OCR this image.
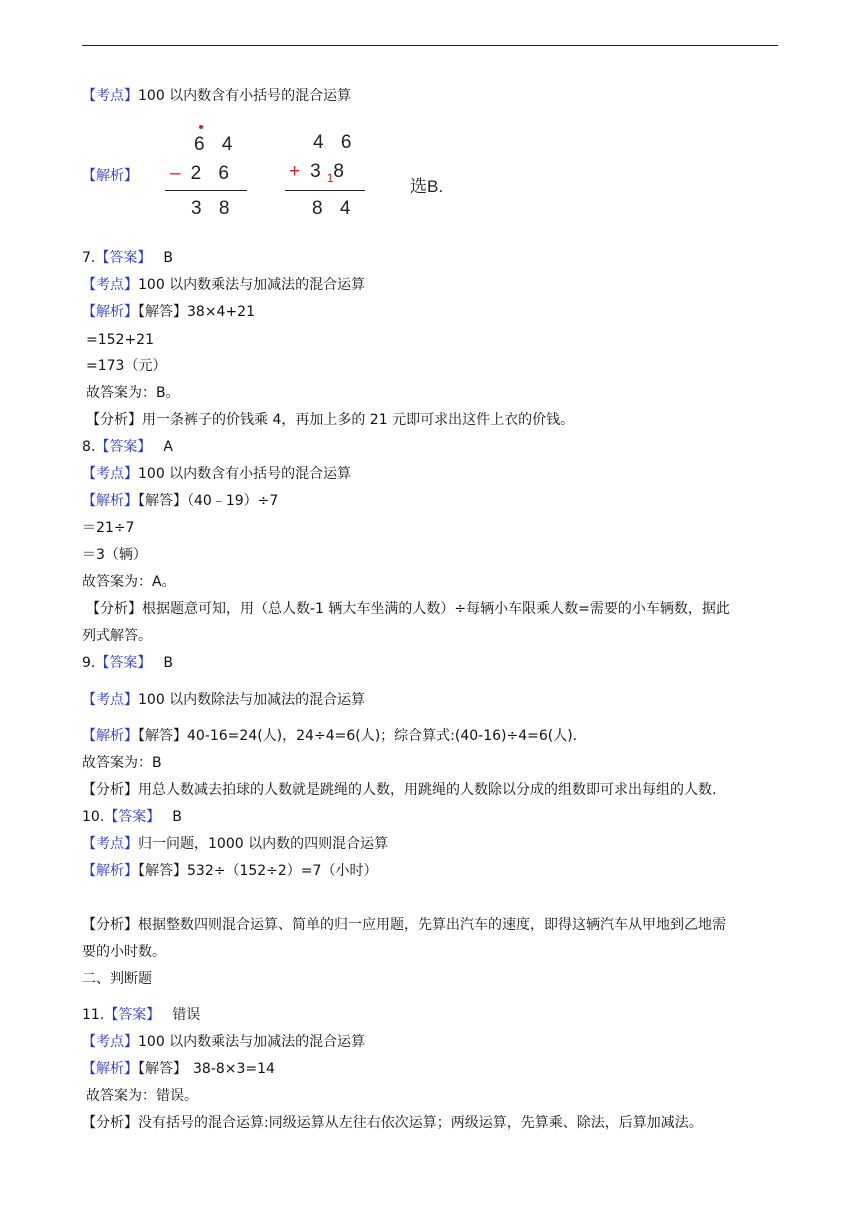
【考点】100 以内数含有小括号的混合运算
【解析】
6 4
– 2 6
3 8
4 6
+ $3_18$
8 4
选B.
7.【答案】 B
【考点】100 以内数乘法与加减法的混合运算
【解析】【解答】38×4+21
=152+21
=173（元）
故答案为：B。
【分析】用一条裤子的价钱乘 4，再加上多的 21 元即可求出这件上衣的价钱。
8.【答案】 A
【考点】100 以内数含有小括号的混合运算
【解析】【解答】（40﹣19）÷7
＝21÷7
＝3（辆）
故答案为：A。
【分析】根据题意可知，用（总人数-1 辆大车坐满的人数）÷每辆小车限乘人数=需要的小车辆数，据此
列式解答。
9.【答案】 B
【考点】100 以内数除法与加减法的混合运算
【解析】【解答】40-16=24(人)，24÷4=6(人)；综合算式:(40-16)÷4=6(人).
故答案为：B
【分析】用总人数减去拍球的人数就是跳绳的人数，用跳绳的人数除以分成的组数即可求出每组的人数.
10.【答案】 B
【考点】归一问题，1000 以内数的四则混合运算
【解析】【解答】532÷（152÷2）=7（小时）
【分析】根据整数四则混合运算、简单的归一应用题，先算出汽车的速度，即得这辆汽车从甲地到乙地需
要的小时数。
二、判断题
11.【答案】 错误
【考点】100 以内数乘法与加减法的混合运算
【解析】【解答】 38-8×3=14
故答案为：错误。
【分析】没有括号的混合运算:同级运算从左往右依次运算；两级运算，先算乘、除法，后算加减法。
